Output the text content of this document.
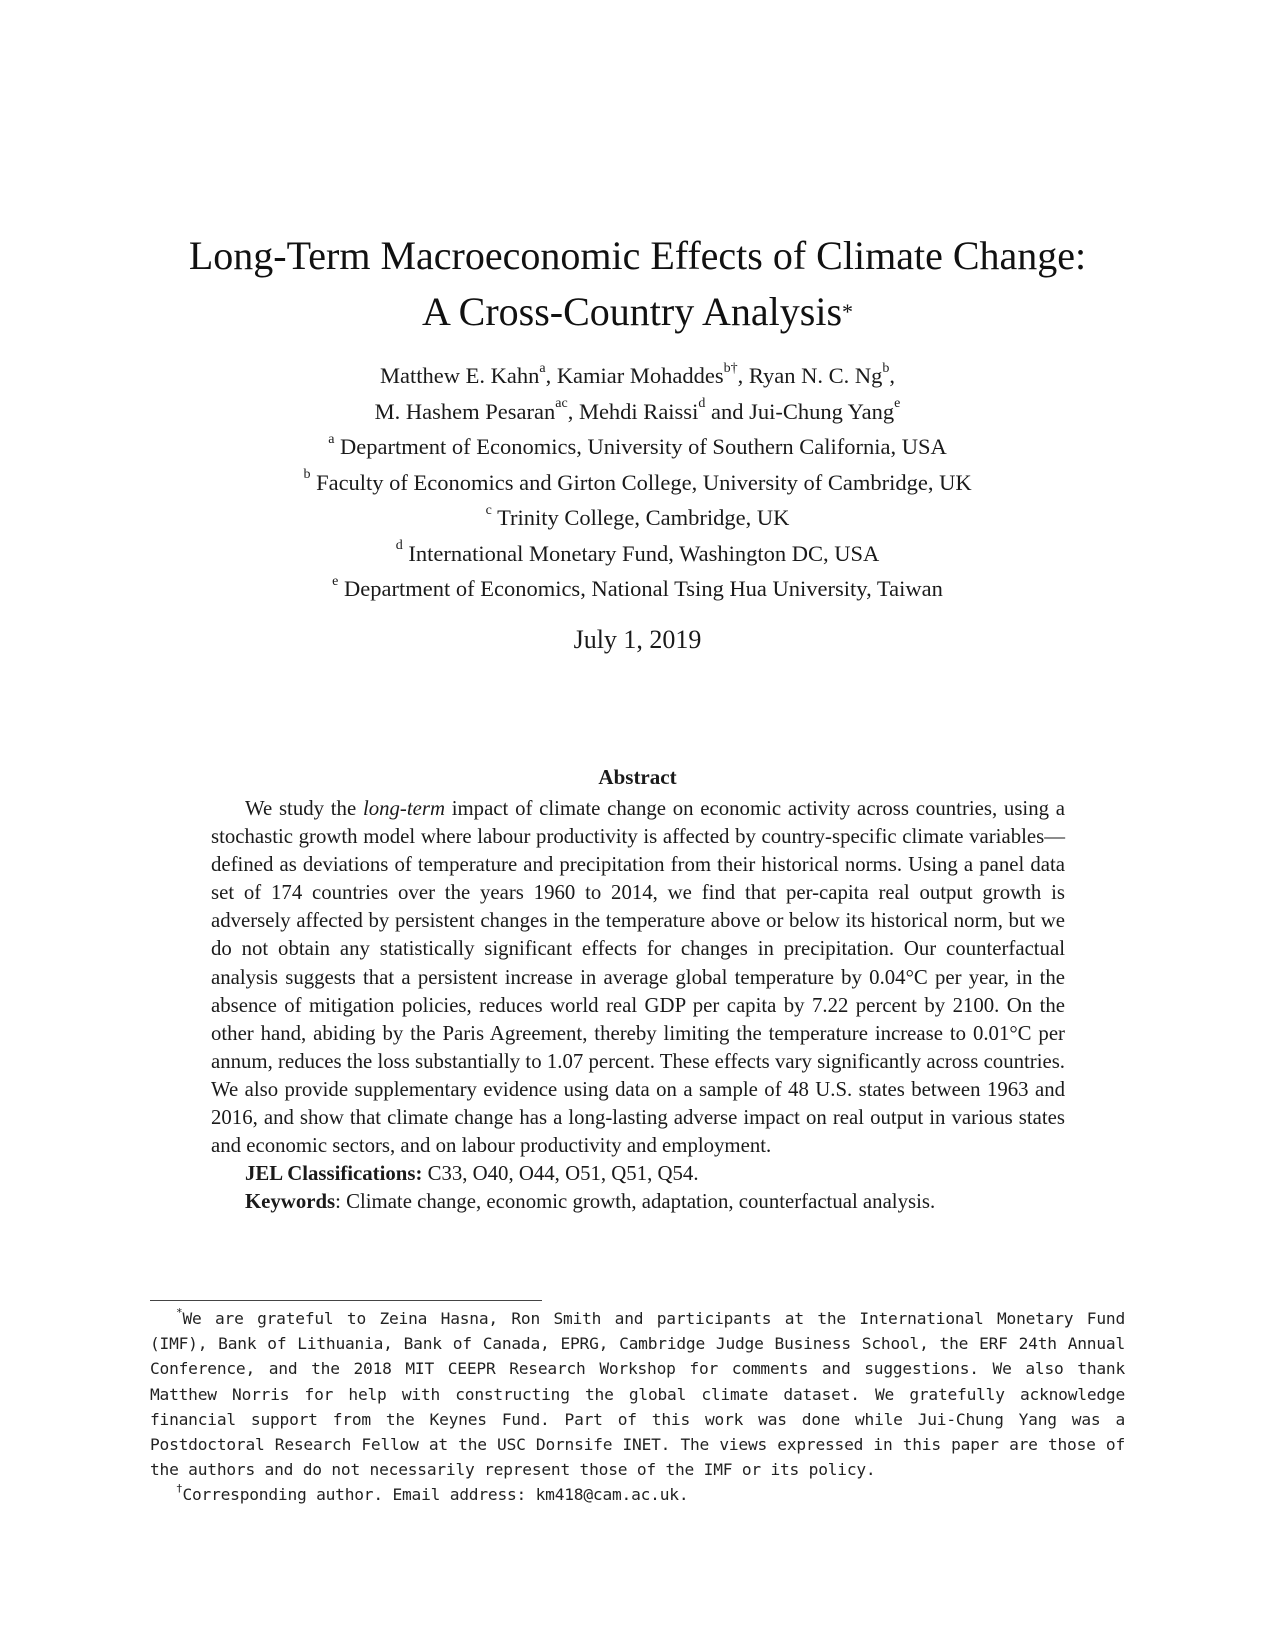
Long-Term Macroeconomic Effects of Climate Change:
A Cross-Country Analysis*
Matthew E. Kahn$^a$, Kamiar Mohaddes$^{b\dagger}$, Ryan N. C. Ng$^b$,
M. Hashem Pesaran$^{ac}$, Mehdi Raissi$^d$ and Jui-Chung Yang$^e$
$^a$ Department of Economics, University of Southern California, USA
$^b$ Faculty of Economics and Girton College, University of Cambridge, UK
$^c$ Trinity College, Cambridge, UK
$^d$ International Monetary Fund, Washington DC, USA
$^e$ Department of Economics, National Tsing Hua University, Taiwan
July 1, 2019
Abstract

We study the long-term impact of climate change on economic activity across countries, using a stochastic growth model where labour productivity is affected by country-specific climate variables—defined as deviations of temperature and precipitation from their historical norms. Using a panel data set of 174 countries over the years 1960 to 2014, we find that per-capita real output growth is adversely affected by persistent changes in the temperature above or below its historical norm, but we do not obtain any statistically significant effects for changes in precipitation. Our counterfactual analysis suggests that a persistent increase in average global temperature by 0.04°C per year, in the absence of mitigation policies, reduces world real GDP per capita by 7.22 percent by 2100. On the other hand, abiding by the Paris Agreement, thereby limiting the temperature increase to 0.01°C per annum, reduces the loss substantially to 1.07 percent. These effects vary significantly across countries. We also provide supplementary evidence using data on a sample of 48 U.S. states between 1963 and 2016, and show that climate change has a long-lasting adverse impact on real output in various states and economic sectors, and on labour productivity and employment.

JEL Classifications: C33, O40, O44, O51, Q51, Q54.

Keywords: Climate change, economic growth, adaptation, counterfactual analysis.

*We are grateful to Zeina Hasna, Ron Smith and participants at the International Monetary Fund (IMF), Bank of Lithuania, Bank of Canada, EPRG, Cambridge Judge Business School, the ERF 24th Annual Conference, and the 2018 MIT CEEPR Research Workshop for comments and suggestions. We also thank Matthew Norris for help with constructing the global climate dataset. We gratefully acknowledge financial support from the Keynes Fund. Part of this work was done while Jui-Chung Yang was a Postdoctoral Research Fellow at the USC Dornsife INET. The views expressed in this paper are those of the authors and do not necessarily represent those of the IMF or its policy.

†Corresponding author. Email address: km418@cam.ac.uk.
